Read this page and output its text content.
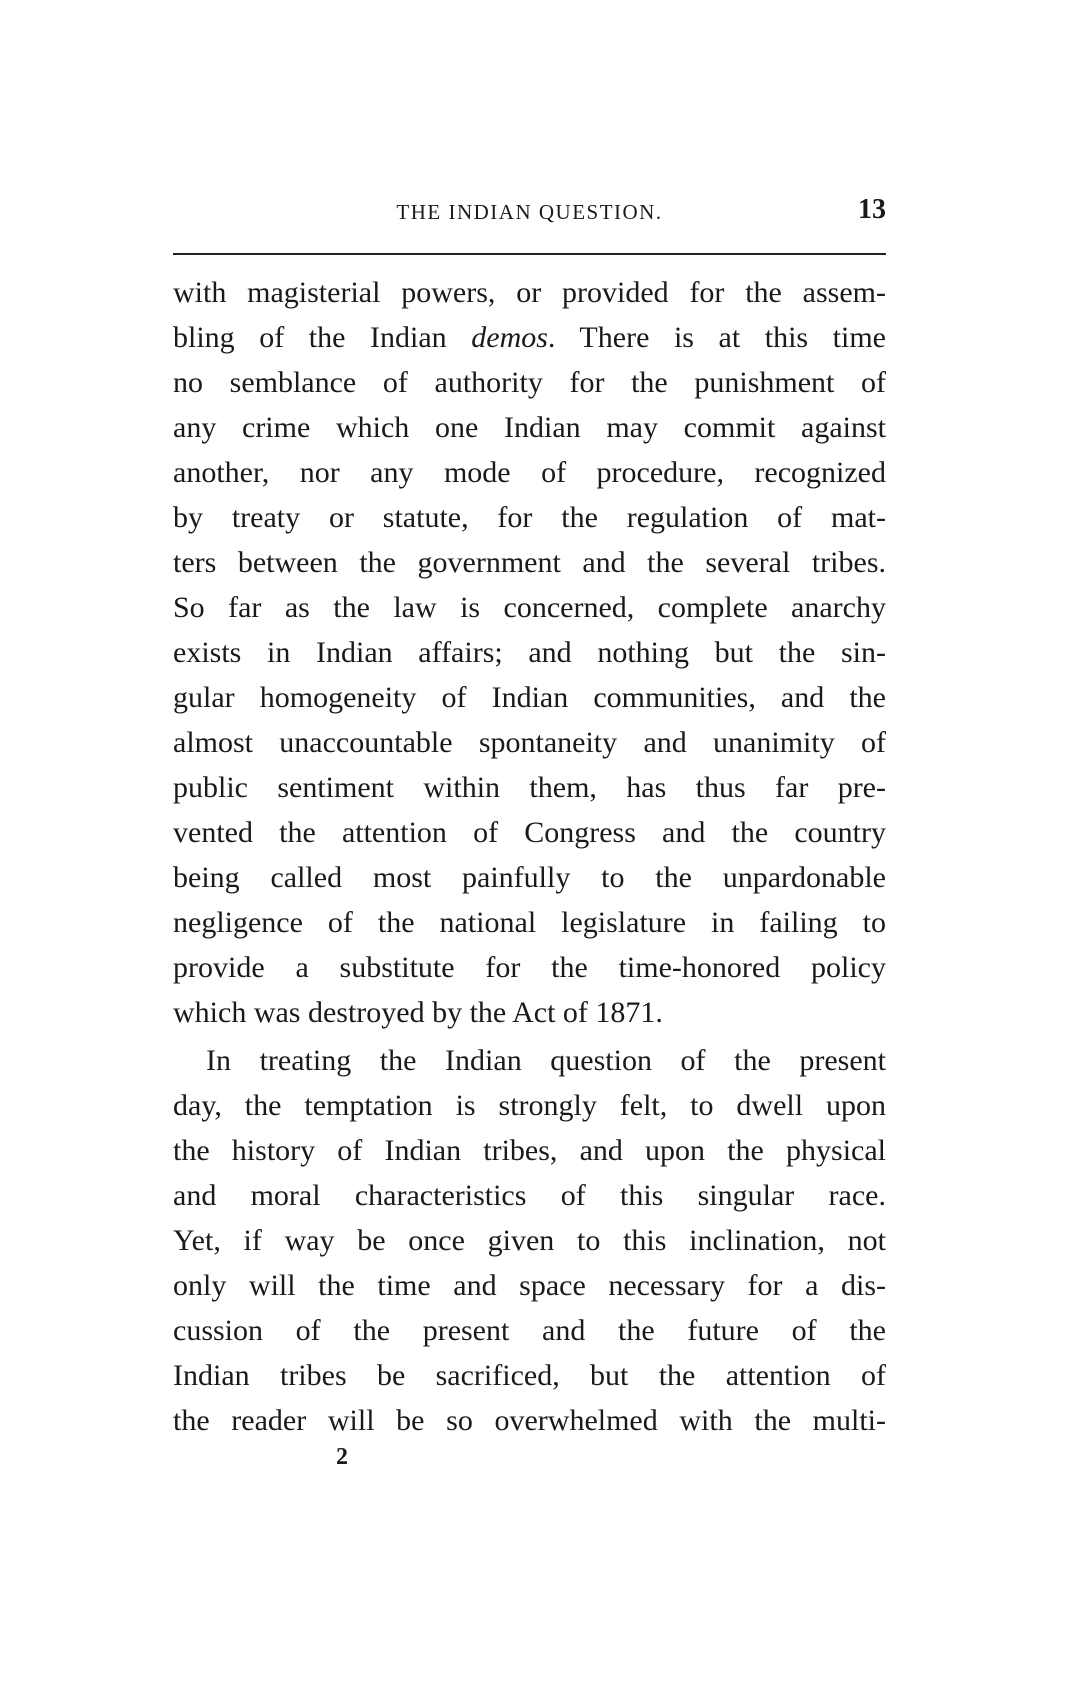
THE INDIAN QUESTION.	13
with magisterial powers, or provided for the assem-
bling of the Indian demos. There is at this time
no semblance of authority for the punishment of
any crime which one Indian may commit against
another, nor any mode of procedure, recognized
by treaty or statute, for the regulation of mat-
ters between the government and the several tribes.
So far as the law is concerned, complete anarchy
exists in Indian affairs; and nothing but the sin-
gular homogeneity of Indian communities, and the
almost unaccountable spontaneity and unanimity of
public sentiment within them, has thus far pre-
vented the attention of Congress and the country
being called most painfully to the unpardonable
negligence of the national legislature in failing to
provide a substitute for the time-honored policy
which was destroyed by the Act of 1871.
In treating the Indian question of the present
day, the temptation is strongly felt, to dwell upon
the history of Indian tribes, and upon the physical
and moral characteristics of this singular race.
Yet, if way be once given to this inclination, not
only will the time and space necessary for a dis-
cussion of the present and the future of the
Indian tribes be sacrificed, but the attention of
the reader will be so overwhelmed with the multi-
2
